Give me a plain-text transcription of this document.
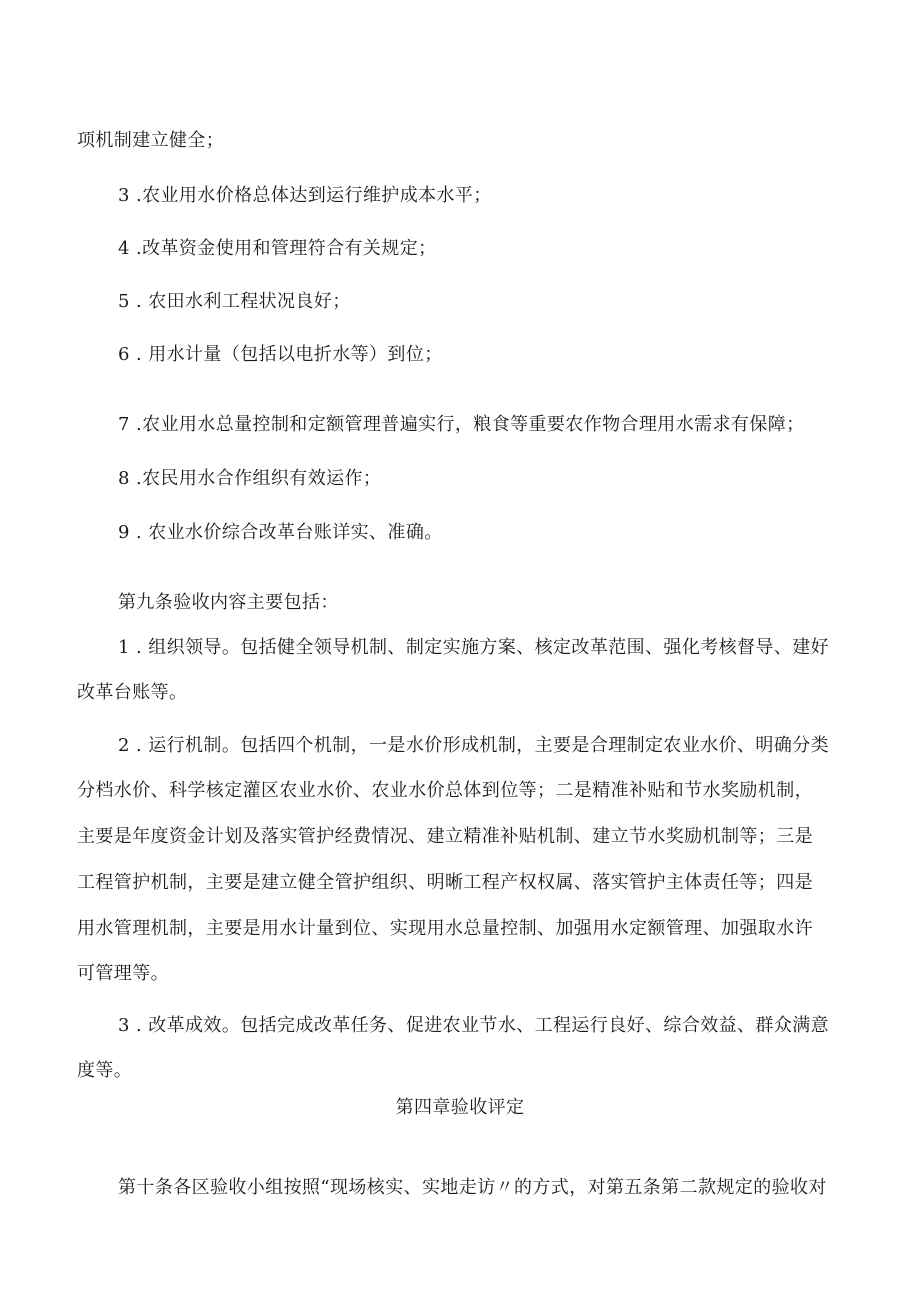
项机制建立健全；
3 .农业用水价格总体达到运行维护成本水平；
4 .改革资金使用和管理符合有关规定；
5 . 农田水利工程状况良好；
6 . 用水计量（包括以电折水等）到位；
7 .农业用水总量控制和定额管理普遍实行，粮食等重要农作物合理用水需求有保障；
8 .农民用水合作组织有效运作；
9 . 农业水价综合改革台账详实、准确。
第九条验收内容主要包括：
1 . 组织领导。包括健全领导机制、制定实施方案、核定改革范围、强化考核督导、建好
改革台账等。
2 . 运行机制。包括四个机制，一是水价形成机制，主要是合理制定农业水价、明确分类
分档水价、科学核定灌区农业水价、农业水价总体到位等；二是精准补贴和节水奖励机制，
主要是年度资金计划及落实管护经费情况、建立精准补贴机制、建立节水奖励机制等；三是
工程管护机制，主要是建立健全管护组织、明晰工程产权权属、落实管护主体责任等；四是
用水管理机制，主要是用水计量到位、实现用水总量控制、加强用水定额管理、加强取水许
可管理等。
3 . 改革成效。包括完成改革任务、促进农业节水、工程运行良好、综合效益、群众满意
度等。
第四章验收评定
第十条各区验收小组按照“现场核实、实地走访〃的方式，对第五条第二款规定的验收对
